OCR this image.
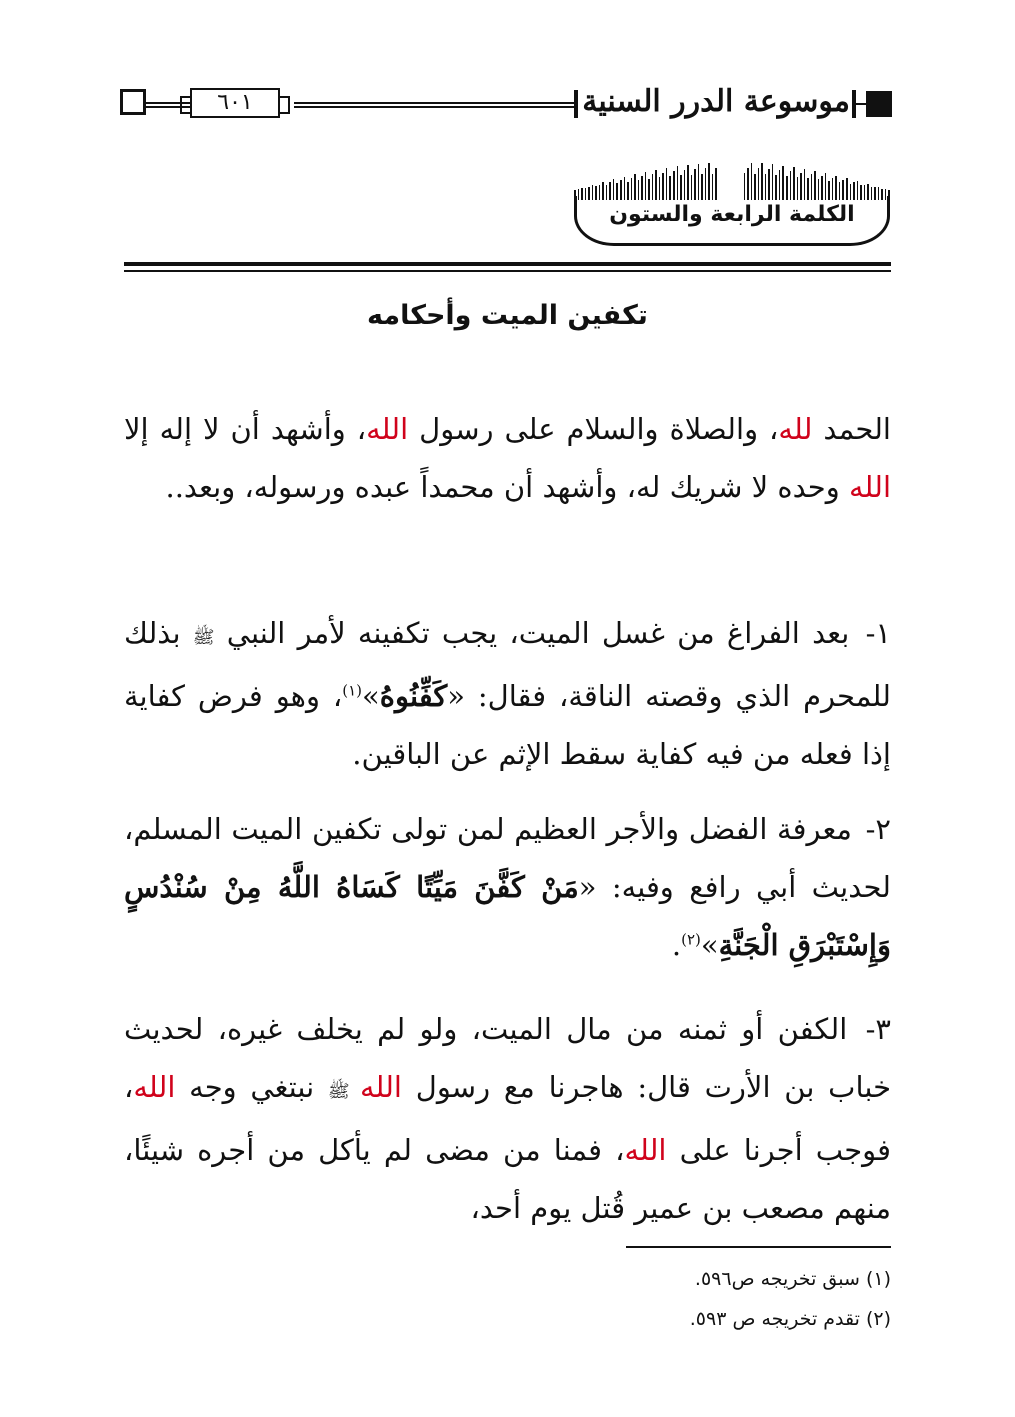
٦٠١	موسوعة الدرر السنية
الكلمة الرابعة والستون
تكفين الميت وأحكامه

الحمد لله، والصلاة والسلام على رسول الله، وأشهد أن لا إله إلا الله وحده لا شريك له، وأشهد أن محمداً عبده ورسوله، وبعد..

١- بعد الفراغ من غسل الميت، يجب تكفينه لأمر النبي ﷺ بذلك للمحرم الذي وقصته الناقة، فقال: «كَفِّنُوهُ»$^{(١)}$، وهو فرض كفاية إذا فعله من فيه كفاية سقط الإثم عن الباقين.

٢- معرفة الفضل والأجر العظيم لمن تولى تكفين الميت المسلم، لحديث أبي رافع وفيه: «مَنْ كَفَّنَ مَيِّتًا كَسَاهُ اللَّهُ مِنْ سُنْدُسٍ وَإِسْتَبْرَقِ الْجَنَّةِ»$^{(٢)}$.

٣- الكفن أو ثمنه من مال الميت، ولو لم يخلف غيره، لحديث خباب بن الأرت قال: هاجرنا مع رسول الله ﷺ نبتغي وجه الله، فوجب أجرنا على الله، فمنا من مضى لم يأكل من أجره شيئًا، منهم مصعب بن عمير قُتل يوم أحد،

(١) سبق تخريجه ص٥٩٦.
(٢) تقدم تخريجه ص ٥٩٣.
